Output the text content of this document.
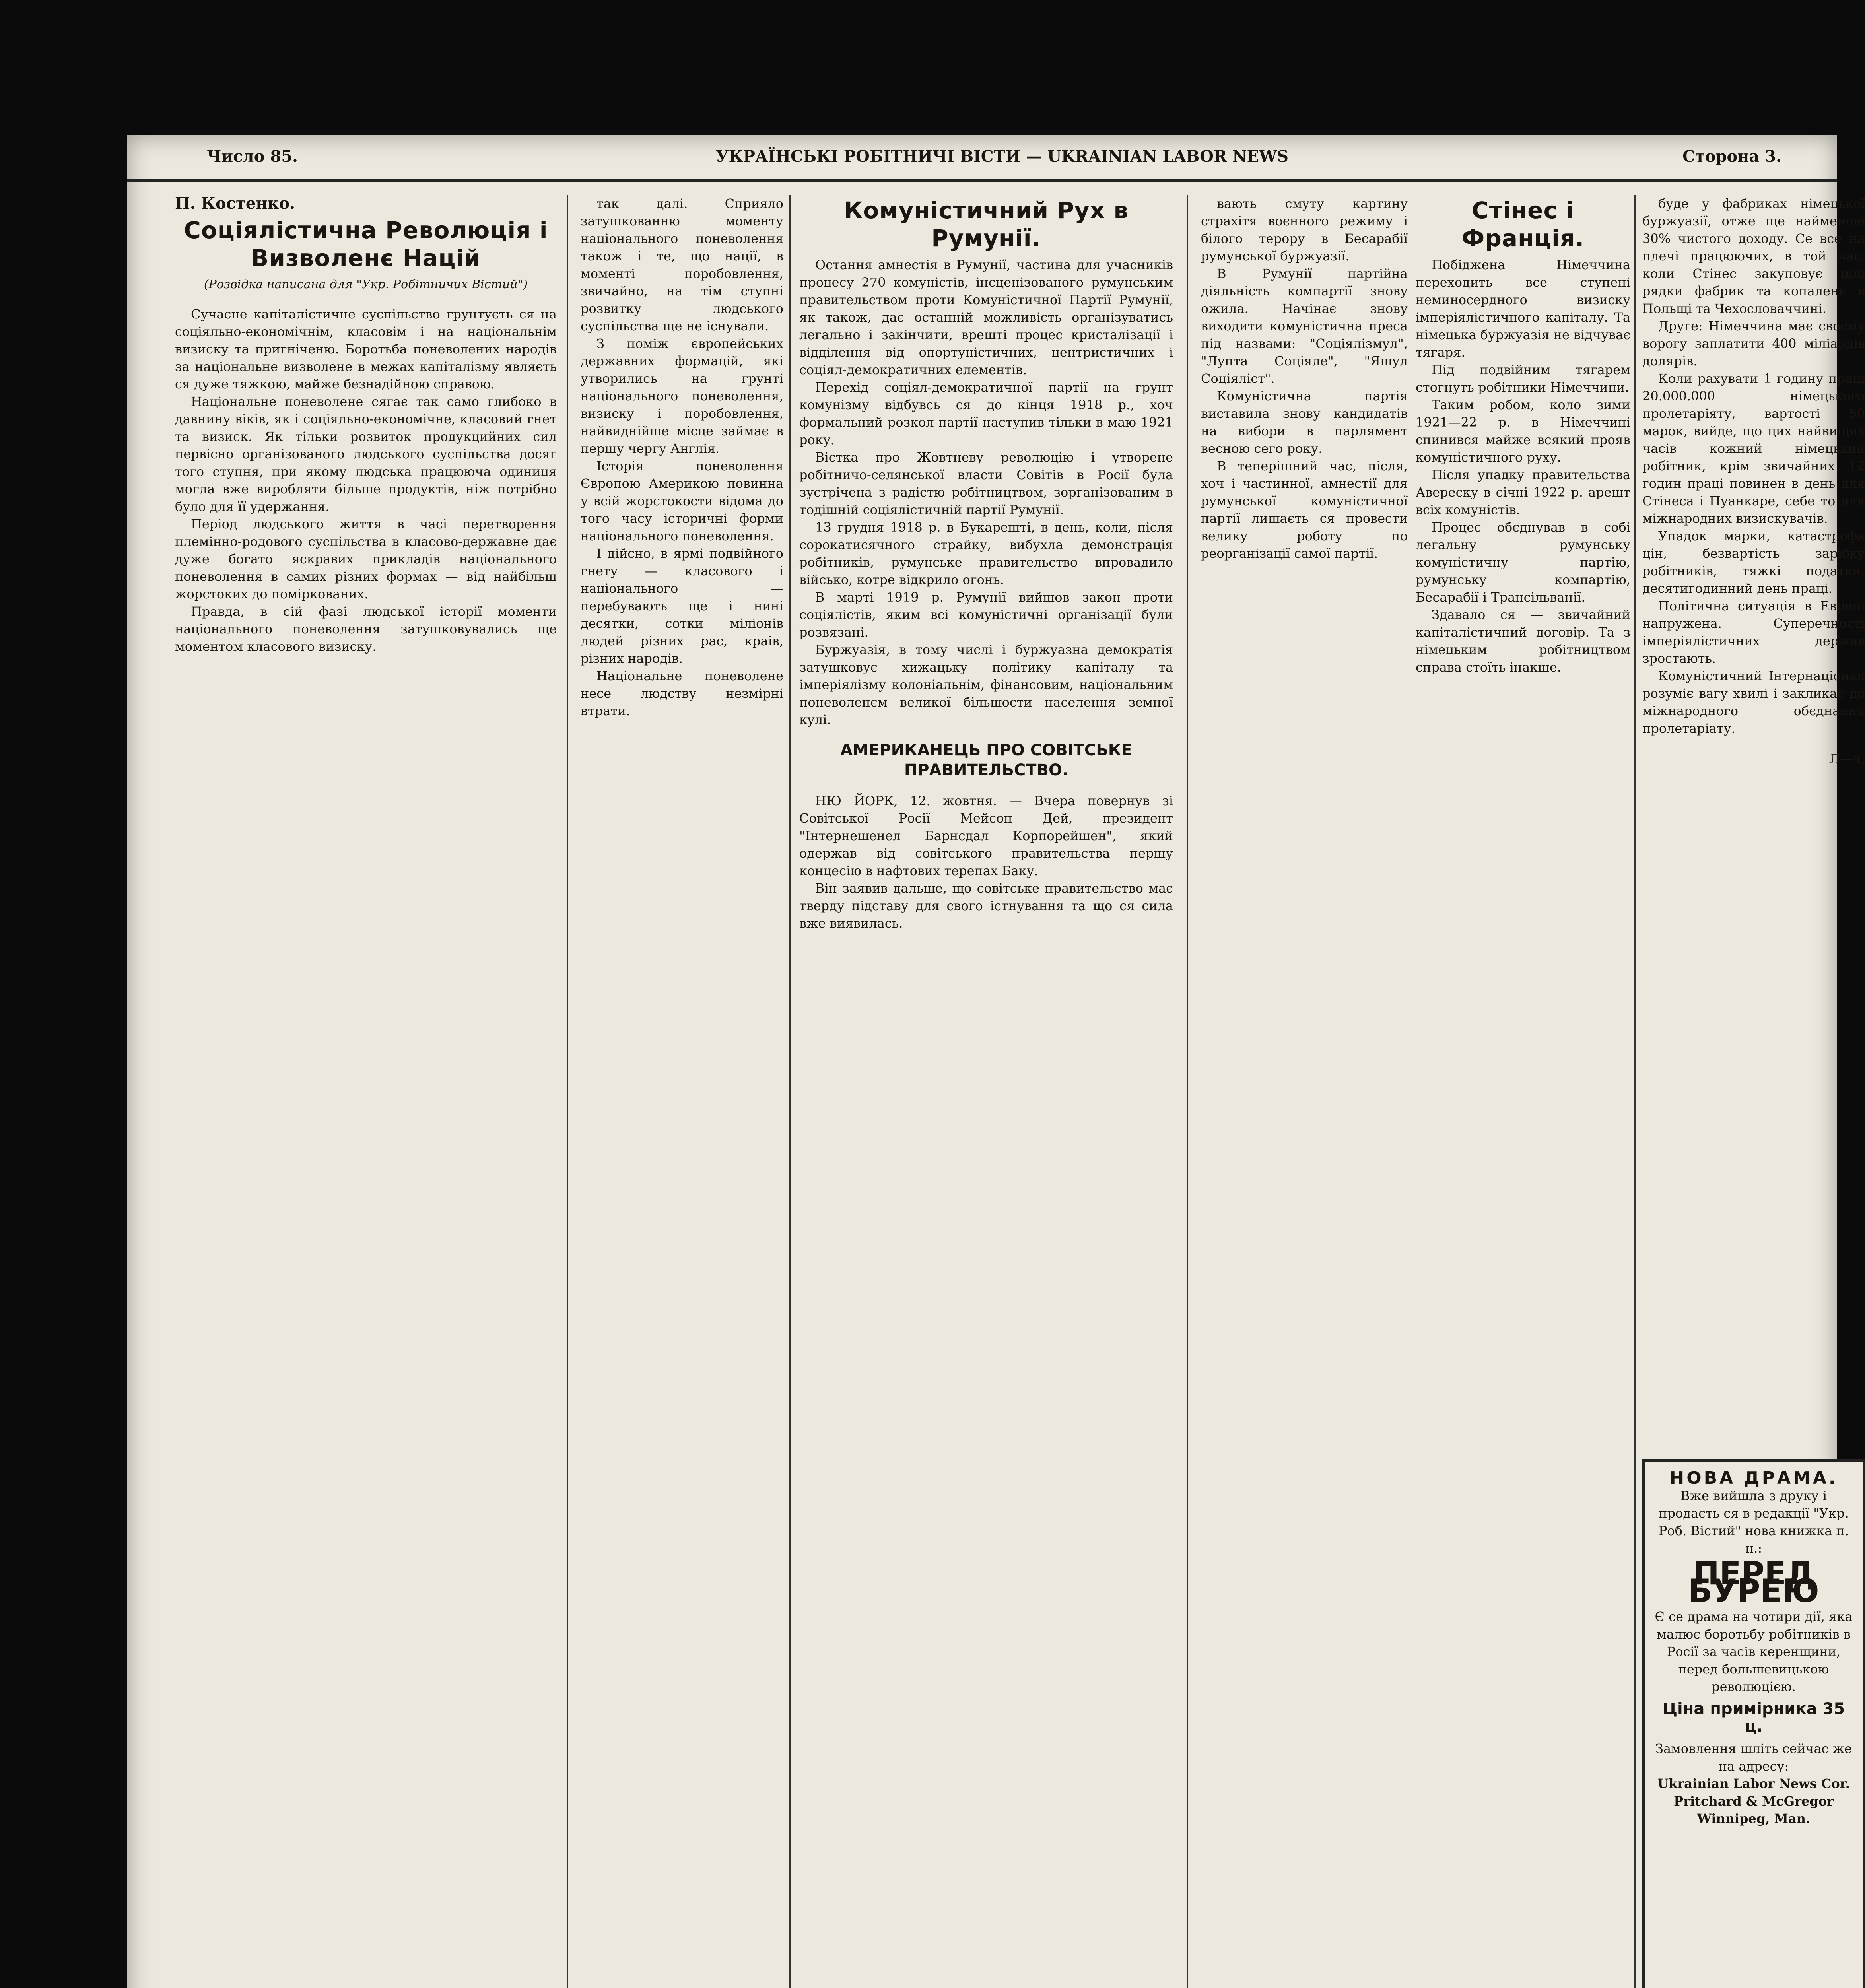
Число 85.	УКРАЇНСЬКІ РОБІТНИЧІ ВІСТИ — UKRAINIAN LABOR NEWS	Сторона 3.

П. Костенко.

Соціялістична Революція і Визволенє Націй
(Розвідка написана для "Укр. Робітничих Вістий")

Сучасне капіталістичне суспільство грунтуєть ся на соціяльно-економічнім, класовім і на національнім визиску та пригніченю. Боротьба поневолених народів за національне визволене в межах капіталізму являєть ся дуже тяжкою, майже безнадійною справою.

Національне поневолене сягає так само глибоко в давнину віків, як і соціяльно-економічне, класовий гнет та визиск. Як тільки розвиток продукцийних сил первісно організованого людського суспільства досяг того ступня, при якому людська працююча одиниця могла вже виробляти більше продуктів, ніж потрібно було для її удержання.

Період людського життя в часі перетворення племінно-родового суспільства в класово-державне дає дуже богато яскравих прикладів національного поневолення в самих різних формах — від найбільш жорстоких до поміркованих.

Правда, в сій фазі людської історії моменти національного поневолення затушковувались ще моментом класового визиску.

так далі. Сприяло затушкованню моменту національного поневолення також і те, що нації, в моменті поробовлення, звичайно, на тім ступні розвитку людського суспільства ще не існували.

З поміж європейських державних формацій, які утворились на грунті національного поневолення, визиску і поробовлення, найвиднійше місце займає в першу чергу Англія.

Історія поневолення Європою Америкою повинна у всій жорстокости відома до того часу історичні форми національного поневолення.

І дійсно, в ярмі подвійного гнету — класового і національного — перебувають ще і нині десятки, сотки міліонів людей різних рас, краів, різних народів.

Національне поневолене несе людству незмірні втрати.

Комуністичний Рух в Румунії.

Остання амнестія в Румунії, частина для учасників процесу 270 комуністів, інсценізованого румунським правительством проти Комуністичної Партії Румунії, як також, дає останній можливість організуватись легально і закінчити, врешті процес кристалізації і відділення від опортуністичних, центристичних і соціял-демократичних елементів.

Перехід соціял-демократичної партії на грунт комунізму відбувсь ся до кінця 1918 р., хоч формальний розкол партії наступив тільки в маю 1921 року.

Вістка про Жовтневу революцію і утворене робітничо-селянської власти Совітів в Росії була зустрічена з радістю робітництвом, зорганізованим в тодішній соціялістичній партії Румунії.

13 грудня 1918 р. в Букарешті, в день, коли, після сорокатисячного страйку, вибухла демонстрація робітників, румунське правительство впровадило військо, котре відкрило огонь.

В марті 1919 р. Румунії вийшов закон проти соціялістів, яким всі комуністичні організації були розвязані.

Буржуазія, в тому числі і буржуазна демократія затушковує хижацьку політику капіталу та імперіялізму колоніальнім, фінансовим, національним поневоленєм великої більшости населення земної кулі.

АМЕРИКАНЕЦЬ ПРО СОВІТСЬКЕ ПРАВИТЕЛЬСТВО.

НЮ ЙОРК, 12. жовтня. — Вчера повернув зі Совітської Росії Мейсон Дей, президент "Інтернешенел Барнсдал Корпорейшен", який одержав від совітського правительства першу концесію в нафтових терепах Баку.

Він заявив дальше, що совітське правительство має тверду підставу для свого істнування та що ся сила вже виявилась.

вають смуту картину страхітя воєнного режиму і білого терору в Бесарабії румунської буржуазії.

В Румунії партійна діяльність компартії знову ожила. Начінає знову виходити комуністична преса під назвами: "Соціялізмул", "Лупта Соціяле", "Яшул Соціяліст".

Комуністична партія виставила знову кандидатів на вибори в парлямент весною сего року.

В теперішний час, після, хоч і частинної, амнестії для румунської комуністичної партії лишаєть ся провести велику роботу по реорганізації самої партії.

Стінес і Франція.

Побіджена Німеччина переходить все ступені неминосердного визиску імперіялістичного капіталу. Та німецька буржуазія не відчуває тягаря.

Під подвійним тягарем стогнуть робітники Німеччини.

Таким робом, коло зими 1921—22 р. в Німеччині спинився майже всякий прояв комуністичного руху.

Після упадку правительства Авереску в січні 1922 р. арешт всіх комуністів.

Процес обєднував в собі легальну румунську комуністичну партію, румунську компартію, Бесарабії і Трансільванії.

Здавало ся — звичайний капіталістичний договір. Та з німецьким робітництвом справа стоїть інакше.

буде у фабриках німецької буржуазії, отже ще найменше 30% чистого доходу. Се все на плечі працюючих, в той час, коли Стінес закуповує цілі рядки фабрик та копалень в Польщі та Чехословаччині.

Друге: Німеччина має своєму ворогу заплатити 400 міліардів долярів.

Коли рахувати 1 годину праці 20.000.000 німецького пролетаріяту, вартості 50 марок, вийде, що цих найвищих часів кожний німецький робітник, крім звичайних 12 годин праці повинен в день для Стінеса і Пуанкаре, себе то для міжнародних визискувачів.

Упадок марки, катастрофа цін, безвартість зарібку робітників, тяжкі податки, десятигодинний день праці.

Політична ситуація в Европі напружена. Суперечності імперіялістичних держав зростають.

Комуністичний Інтернаціонал розуміє вагу хвилі і закликає до міжнародного обєднання пролетаріату.

Л—ч.

НОВА ДРАМА.
Вже вийшла з друку і продаєть ся в редакції "Укр. Роб. Вістий" нова книжка п. н.:
ПЕРЕД БУРЕЮ
Є се драма на чотири дії, яка малює боротьбу робітників в Росії за часів керенщини, перед большевицькою революцією.
Ціна примірника 35 ц.
Замовлення шліть сейчас же на адресу:
Ukrainian Labor News Cor. Pritchard & McGregor Winnipeg, Man.
